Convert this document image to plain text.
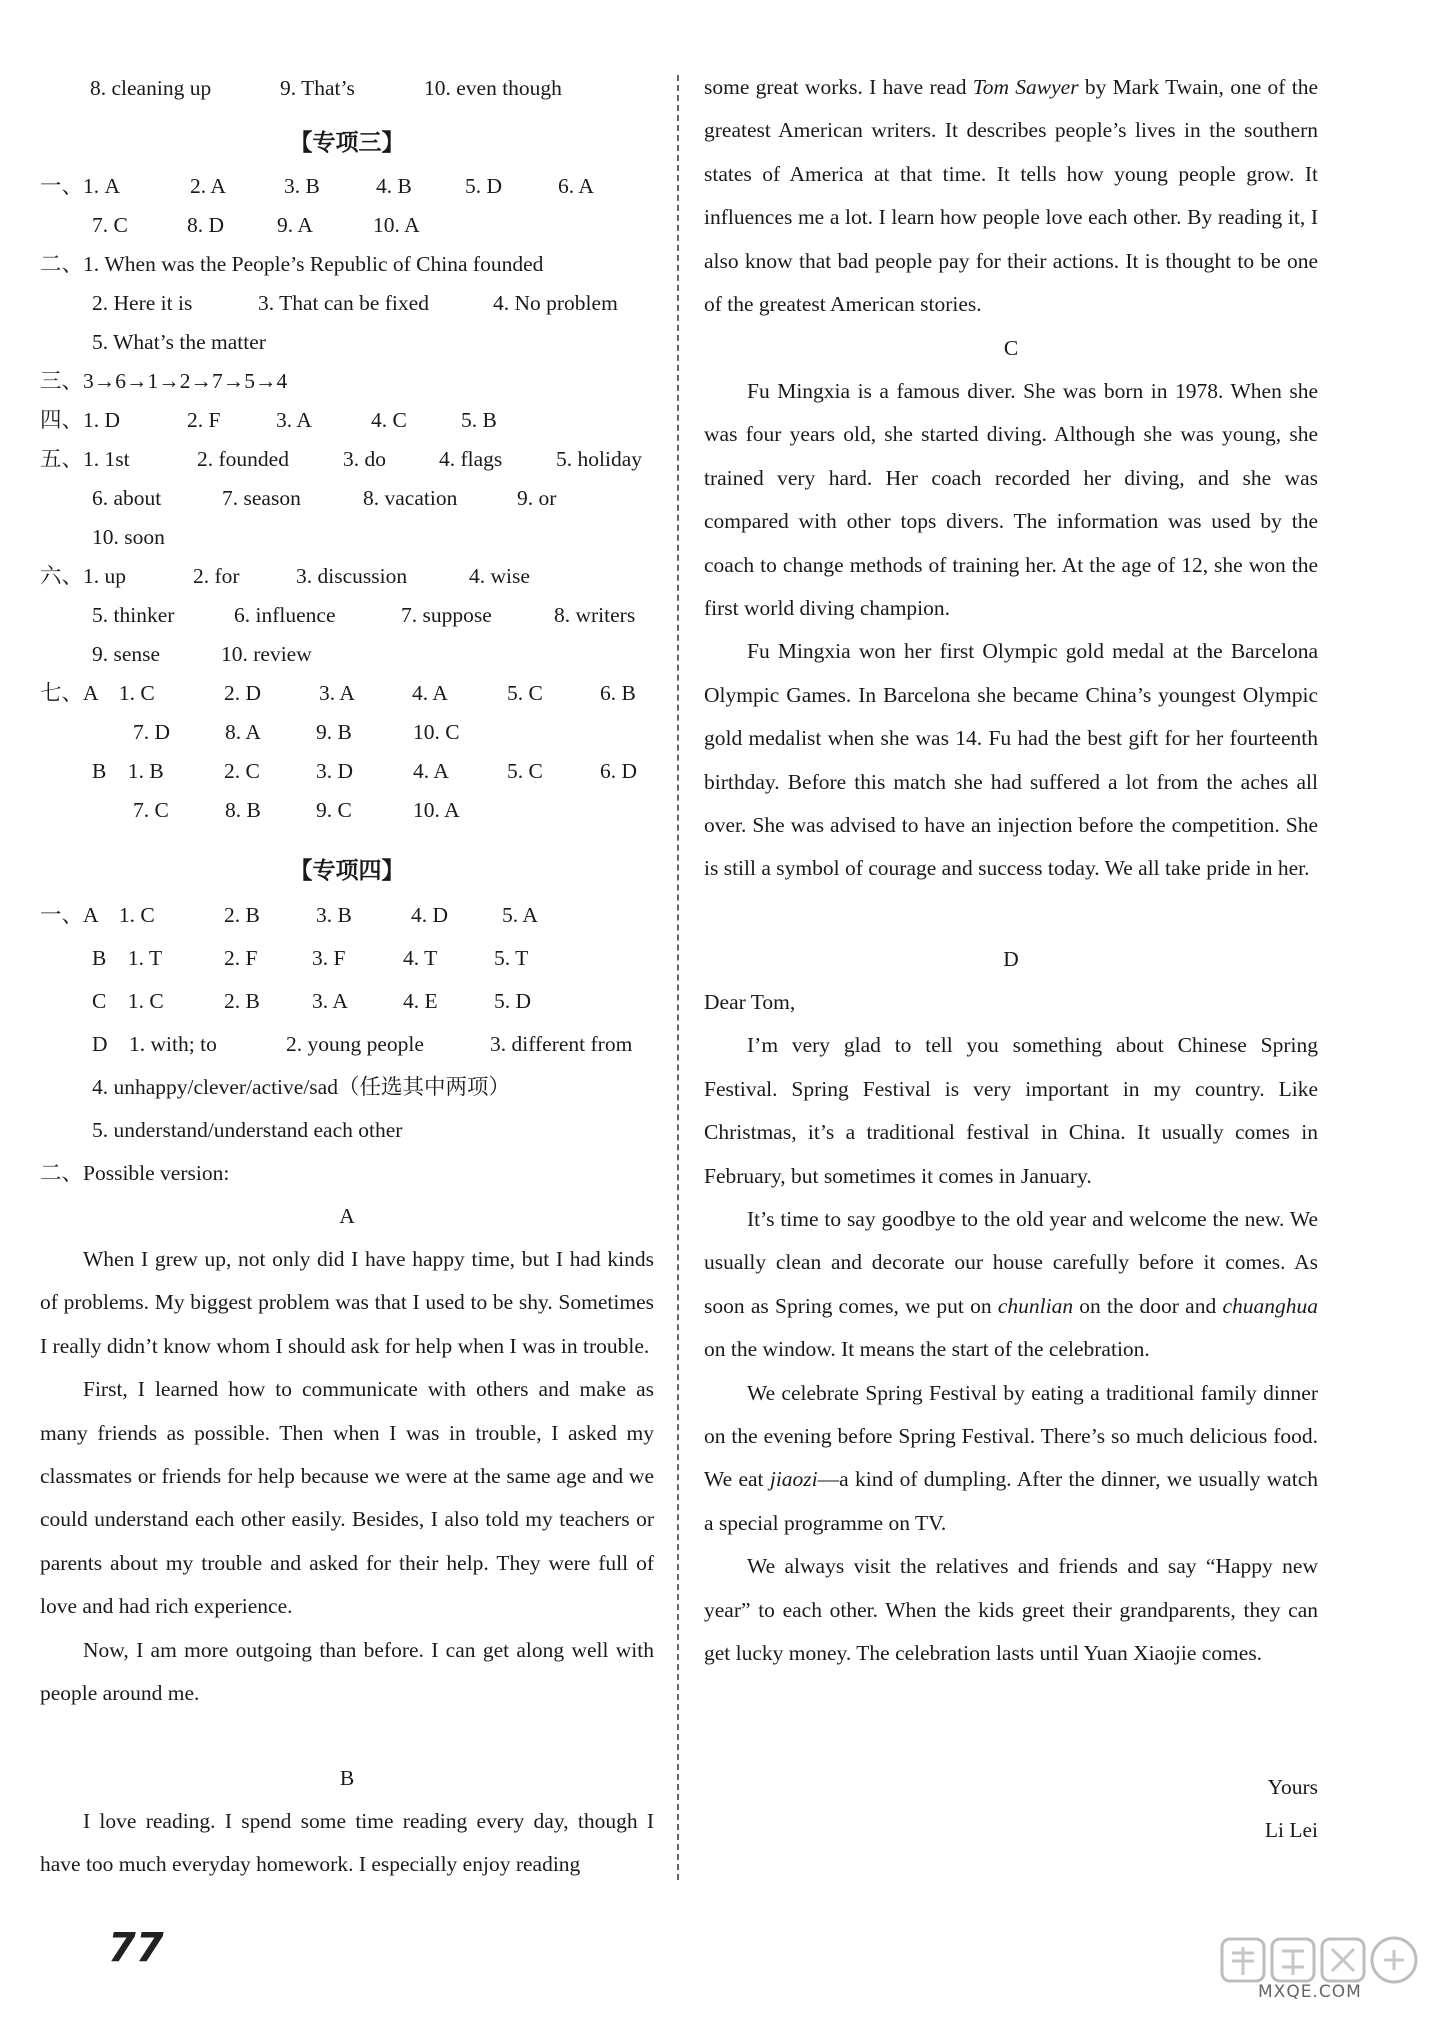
8. cleaning up	9. That’s	10. even though
【专项三】
一、1. A	2. A	3. B	4. B 5. D	6. A
7. C	8. D 9. A	10. A
二、1. When was the People’s Republic of China founded
2. Here it is	3. That can be fixed	4. No problem
5. What’s the matter
三、3→6→1→2→7→5→4
四、1. D	2. F	3. A	4. C	5. B
五、1. 1st	2. founded	3. do 4. flags 5. holiday
6. about	7. season	8. vacation	9. or
10. soon
六、1. up	2. for	3. discussion	4. wise
5. thinker	6. influence	7. suppose	8. writers
9. sense	10. review
七、A　1. C	2. D	3. A	4. A	5. C	6. B
7. D	8. A	9. B	10. C
B　1. B	2. C	3. D	4. A	5. C	6. D
7. C	8. B	9. C	10. A
【专项四】
一、A　1. C	2. B	3. B	4. D	5. A
B　1. T	2. F	3. F	4. T	5. T
C　1. C	2. B 3. A	4. E	5. D
D　1. with; to	2. young people	3. different from
4. unhappy/clever/active/sad（任选其中两项）
5. understand/understand each other
二、Possible version:
A

When I grew up, not only did I have happy time, but I had kinds of problems. My biggest problem was that I used to be shy. Sometimes I really didn’t know whom I should ask for help when I was in trouble.

First, I learned how to communicate with others and make as many friends as possible. Then when I was in trouble, I asked my classmates or friends for help because we were at the same age and we could understand each other easily. Besides, I also told my teachers or parents about my trouble and asked for their help. They were full of love and had rich experience.

Now, I am more outgoing than before. I can get along well with people around me.

B

I love reading. I spend some time reading every day, though I have too much everyday homework. I especially enjoy reading

some great works. I have read Tom Sawyer by Mark Twain, one of the greatest American writers. It describes people’s lives in the southern states of America at that time. It tells how young people grow. It influences me a lot. I learn how people love each other. By reading it, I also know that bad people pay for their actions. It is thought to be one of the greatest American stories.

C

Fu Mingxia is a famous diver. She was born in 1978. When she was four years old, she started diving. Although she was young, she trained very hard. Her coach recorded her diving, and she was compared with other tops divers. The information was used by the coach to change methods of training her. At the age of 12, she won the first world diving champion.

Fu Mingxia won her first Olympic gold medal at the Barcelona Olympic Games. In Barcelona she became China’s youngest Olympic gold medalist when she was 14. Fu had the best gift for her fourteenth birthday. Before this match she had suffered a lot from the aches all over. She was advised to have an injection before the competition. She is still a symbol of courage and success today. We all take pride in her.

D

Dear Tom,

I’m very glad to tell you something about Chinese Spring Festival. Spring Festival is very important in my country. Like Christmas, it’s a traditional festival in China. It usually comes in February, but sometimes it comes in January.

It’s time to say goodbye to the old year and welcome the new. We usually clean and decorate our house carefully before it comes. As soon as Spring comes, we put on chunlian on the door and chuanghua on the window. It means the start of the celebration.

We celebrate Spring Festival by eating a traditional family dinner on the evening before Spring Festival. There’s so much delicious food. We eat jiaozi—a kind of dumpling. After the dinner, we usually watch a special programme on TV.

We always visit the relatives and friends and say “Happy new year” to each other. When the kids greet their grandparents, they can get lucky money. The celebration lasts until Yuan Xiaojie comes.

Yours
Li Lei
77
MXQE.COM
